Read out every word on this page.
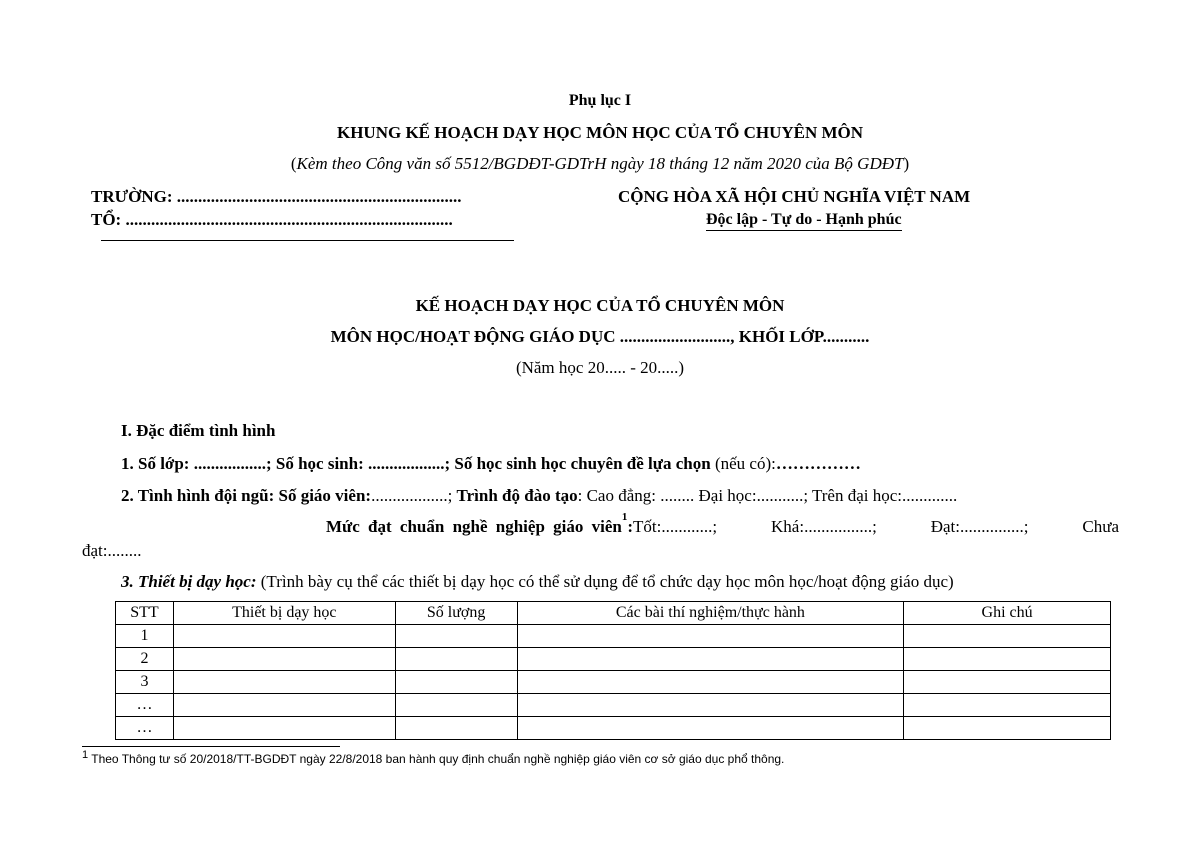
Phụ lục I
KHUNG KẾ HOẠCH DẠY HỌC MÔN HỌC CỦA TỔ CHUYÊN MÔN
(Kèm theo Công văn số 5512/BGDĐT-GDTrH ngày 18 tháng 12 năm 2020 của Bộ GDĐT)
TRƯỜNG: ...................................................................
TỔ: .............................................................................
CỘNG HÒA XÃ HỘI CHỦ NGHĨA VIỆT NAM
Độc lập - Tự do - Hạnh phúc
KẾ HOẠCH DẠY HỌC CỦA TỔ CHUYÊN MÔN
MÔN HỌC/HOẠT ĐỘNG GIÁO DỤC .........................., KHỐI LỚP...........
(Năm học 20..... - 20.....)
I. Đặc điểm tình hình
1. Số lớp: .................; Số học sinh: ..................; Số học sinh học chuyên đề lựa chọn (nếu có):……………
2. Tình hình đội ngũ: Số giáo viên:..................; Trình độ đào tạo: Cao đẳng: ........ Đại học:...........; Trên đại học:.............
Mức đạt chuẩn nghề nghiệp giáo viên 1 : Tốt:............; Khá:................; Đạt:...............; Chưa
đạt:........
3. Thiết bị dạy học: (Trình bày cụ thể các thiết bị dạy học có thể sử dụng để tổ chức dạy học môn học/hoạt động giáo dục)
STT	Thiết bị dạy học	Số lượng	Các bài thí nghiệm/thực hành	Ghi chú
1				
2				
3				
…				
…				
$^1$ Theo Thông tư số 20/2018/TT-BGDĐT ngày 22/8/2018 ban hành quy định chuẩn nghề nghiệp giáo viên cơ sở giáo dục phổ thông.
